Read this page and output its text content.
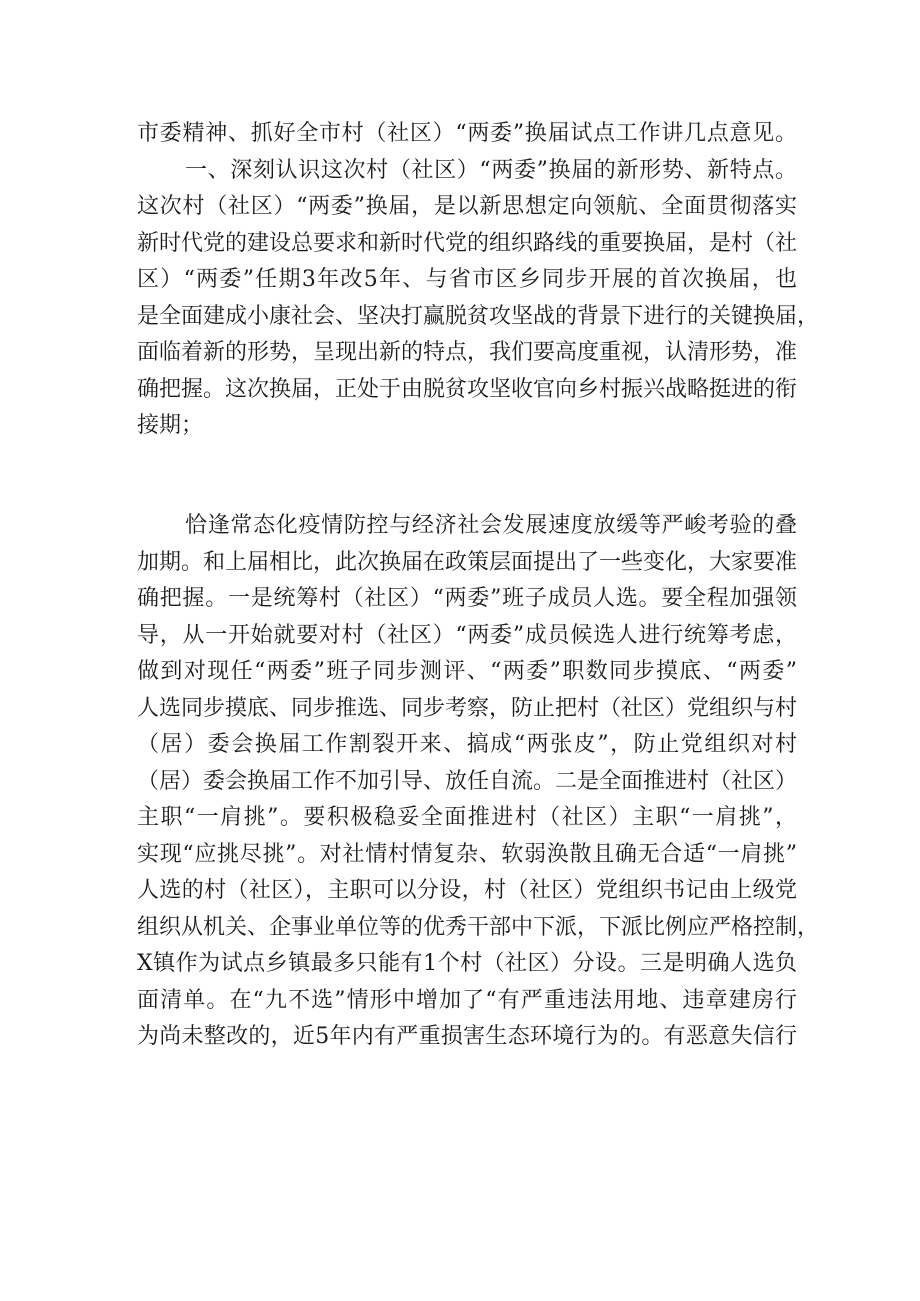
市委精神、抓好全市村（社区）“两委”换届试点工作讲几点意见。
一、深刻认识这次村（社区）“两委”换届的新形势、新特点。
这次村（社区）“两委”换届，是以新思想定向领航、全面贯彻落实
新时代党的建设总要求和新时代党的组织路线的重要换届，是村（社
区）“两委”任期3年改5年、与省市区乡同步开展的首次换届，也
是全面建成小康社会、坚决打赢脱贫攻坚战的背景下进行的关键换届，
面临着新的形势，呈现出新的特点，我们要高度重视，认清形势，准
确把握。这次换届，正处于由脱贫攻坚收官向乡村振兴战略挺进的衔
接期；
恰逢常态化疫情防控与经济社会发展速度放缓等严峻考验的叠
加期。和上届相比，此次换届在政策层面提出了一些变化，大家要准
确把握。一是统筹村（社区）“两委”班子成员人选。要全程加强领
导，从一开始就要对村（社区）“两委”成员候选人进行统筹考虑，
做到对现任“两委”班子同步测评、“两委”职数同步摸底、“两委”
人选同步摸底、同步推选、同步考察，防止把村（社区）党组织与村
（居）委会换届工作割裂开来、搞成“两张皮”，防止党组织对村
（居）委会换届工作不加引导、放任自流。二是全面推进村（社区）
主职“一肩挑”。要积极稳妥全面推进村（社区）主职“一肩挑”，
实现“应挑尽挑”。对社情村情复杂、软弱涣散且确无合适“一肩挑”
人选的村（社区），主职可以分设，村（社区）党组织书记由上级党
组织从机关、企事业单位等的优秀干部中下派，下派比例应严格控制，
X镇作为试点乡镇最多只能有1个村（社区）分设。三是明确人选负
面清单。在“九不选”情形中增加了“有严重违法用地、违章建房行
为尚未整改的，近5年内有严重损害生态环境行为的。有恶意失信行
